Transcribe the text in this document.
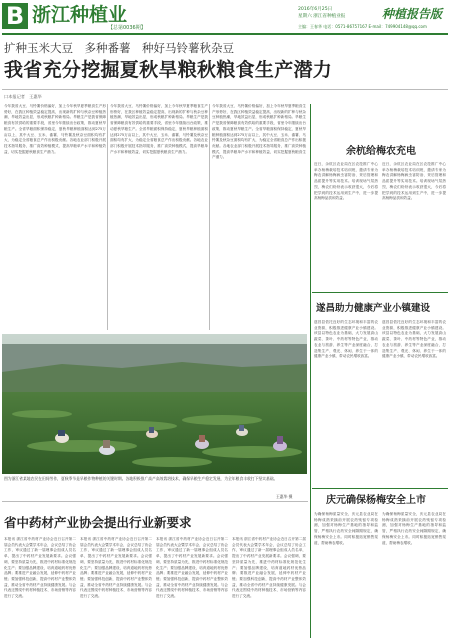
B 浙江种植业
【总第0036期】
2016年6月25日
星期六 浙江省种植业报	种植报告版
主编：王春华 电话：0571-86757167 E-mail：749904148@qq.com
扩种玉米大豆　多种番薯　种好马铃薯秋杂豆
我省充分挖掘夏秋旱粮秋粮食生产潜力
口本报记者　王惠华
今年我省大豆、马铃薯价格偏好，加上今年秋旱夏季粮食生产形势好，在我区种植效益稳定提高，出现新的扩种与秋杂豆种植热潮，旱地效益出显，形成秋粮扩种新格局。旱粮生产是我省保障粮食有效供给的重要手段，省里今年继续出台政策，推动夏秋旱粮生产。全省旱粮面积保持稳定，夏秋旱粮种植面积达到275万亩以上，其中大豆、玉米、番薯、马铃薯及秋杂豆面积均有扩大，为稳定全省粮食总产作出积极贡献。各地农业部门积极开展技术指导服务，推广高效种植模式，提高旱粮单产水平和种植效益，切实挖掘夏秋粮食生产潜力。
今年我省大豆、马铃薯价格偏好，加上今年秋旱夏季粮食生产形势好，在我区种植效益稳定提高，出现新的扩种与秋杂豆种植热潮，旱地效益出显，形成秋粮扩种新格局。旱粮生产是我省保障粮食有效供给的重要手段，省里今年继续出台政策，推动夏秋旱粮生产。全省旱粮面积保持稳定，夏秋旱粮种植面积达到275万亩以上，其中大豆、玉米、番薯、马铃薯及秋杂豆面积均有扩大，为稳定全省粮食总产作出积极贡献。各地农业部门积极开展技术指导服务，推广高效种植模式，提高旱粮单产水平和种植效益，切实挖掘夏秋粮食生产潜力。
今年我省大豆、马铃薯价格偏好，加上今年秋旱夏季粮食生产形势好，在我区种植效益稳定提高，出现新的扩种与秋杂豆种植热潮，旱地效益出显，形成秋粮扩种新格局。旱粮生产是我省保障粮食有效供给的重要手段，省里今年继续出台政策，推动夏秋旱粮生产。全省旱粮面积保持稳定，夏秋旱粮种植面积达到275万亩以上，其中大豆、玉米、番薯、马铃薯及秋杂豆面积均有扩大，为稳定全省粮食总产作出积极贡献。各地农业部门积极开展技术指导服务，推广高效种植模式，提高旱粮单产水平和种植效益，切实挖掘夏秋粮食生产潜力。
图为浙江省某地农民在田间劳作，夏秋季节是旱粮作物种植的关键时期。各地积极推广高产高效栽培技术，确保旱粮生产稳定发展，为全年粮食丰收打下坚实基础。
王惠华 摄
省中药材产业协会提出行业新要求
本报讯 浙江省中药材产业协会近日召开第二届会员代表大会暨学术年会，会议总结了协会工作，审议通过了新一届理事会组成人员名单，提出了中药材产业发展新要求。会议强调，要坚持质量为先，推进中药材标准化规范化生产；要加强品牌建设，培育道地药材优势品牌；要推进产业融合发展，延伸中药材产业链；要加强科技创新，提高中药材产业整体效益，推动全省中药材产业持续健康发展。与会代表还围绕中药材种植技术、市场营销等内容进行了交流。
本报讯 浙江省中药材产业协会近日召开第二届会员代表大会暨学术年会，会议总结了协会工作，审议通过了新一届理事会组成人员名单，提出了中药材产业发展新要求。会议强调，要坚持质量为先，推进中药材标准化规范化生产；要加强品牌建设，培育道地药材优势品牌；要推进产业融合发展，延伸中药材产业链；要加强科技创新，提高中药材产业整体效益，推动全省中药材产业持续健康发展。与会代表还围绕中药材种植技术、市场营销等内容进行了交流。
本报讯 浙江省中药材产业协会近日召开第二届会员代表大会暨学术年会，会议总结了协会工作，审议通过了新一届理事会组成人员名单，提出了中药材产业发展新要求。会议强调，要坚持质量为先，推进中药材标准化规范化生产；要加强品牌建设，培育道地药材优势品牌；要推进产业融合发展，延伸中药材产业链；要加强科技创新，提高中药材产业整体效益，推动全省中药材产业持续健康发展。与会代表还围绕中药材种植技术、市场营销等内容进行了交流。
本报讯 浙江省中药材产业协会近日召开第二届会员代表大会暨学术年会，会议总结了协会工作，审议通过了新一届理事会组成人员名单，提出了中药材产业发展新要求。会议强调，要坚持质量为先，推进中药材标准化规范化生产；要加强品牌建设，培育道地药材优势品牌；要推进产业融合发展，延伸中药材产业链；要加强科技创新，提高中药材产业整体效益，推动全省中药材产业持续健康发展。与会代表还围绕中药材种植技术、市场营销等内容进行了交流。
余杭给梅农充电
近日，余杭区农业局在区农技推广中心举办杨梅栽培技术培训班，邀请专家为梅农讲解杨梅病虫害防治、采后管理和品质提升等实用技术。培训现场气氛热烈，梅农们纷纷表示收获很大，今后将把学到的技术运用到生产中，进一步提高杨梅品质和效益。
近日，余杭区农业局在区农技推广中心举办杨梅栽培技术培训班，邀请专家为梅农讲解杨梅病虫害防治、采后管理和品质提升等实用技术。培训现场气氛热烈，梅农们纷纷表示收获很大，今后将把学到的技术运用到生产中，进一步提高杨梅品质和效益。
遂昌助力健康产业小镇建设
遂昌县依托良好的生态环境和丰富的农业资源，积极推进健康产业小镇建设。该县以特色农业为基础，大力发展高山蔬菜、茶叶、中药材等特色产业，推动农业与旅游、养生等产业深度融合，打造集生产、观光、休闲、养生于一体的健康产业小镇，带动农民增收致富。
遂昌县依托良好的生态环境和丰富的农业资源，积极推进健康产业小镇建设。该县以特色农业为基础，大力发展高山蔬菜、茶叶、中药材等特色产业，推动农业与旅游、养生等产业深度融合，打造集生产、观光、休闲、养生于一体的健康产业小镇，带动农民增收致富。
庆元确保杨梅安全上市
为确保杨梅质量安全，庆元县农业局在杨梅成熟采摘前开展农药残留专项检测，加强对杨梅生产基地的指导和监管，严格执行农药安全间隔期规定，确保杨梅安全上市。同时积极拓宽销售渠道，帮助梅农增收。
为确保杨梅质量安全，庆元县农业局在杨梅成熟采摘前开展农药残留专项检测，加强对杨梅生产基地的指导和监管，严格执行农药安全间隔期规定，确保杨梅安全上市。同时积极拓宽销售渠道，帮助梅农增收。
